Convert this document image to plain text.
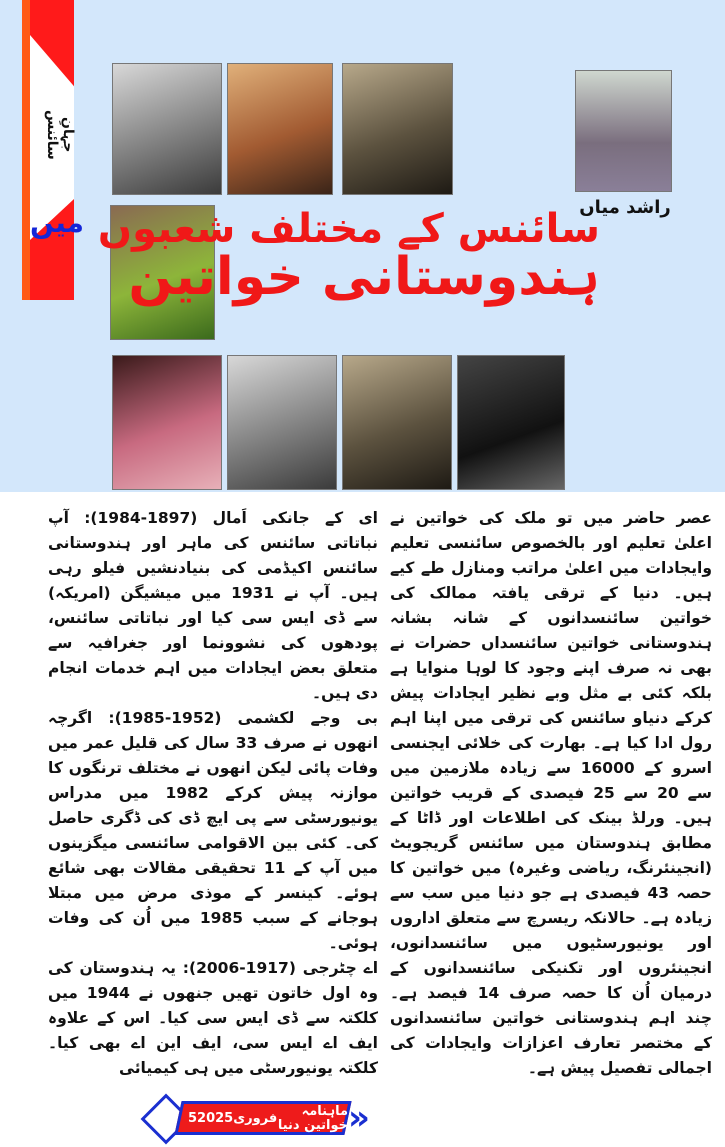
جہانِ سائنس
راشد میاں
سائنس کے مختلف شعبوں $^{میں}$
ہندوستانی خواتین

عصر حاضر میں تو ملک کی خواتین نے اعلیٰ تعلیم اور بالخصوص سائنسی تعلیم وایجادات میں اعلیٰ مراتب ومنازل طے کیے ہیں۔ دنیا کے ترقی یافتہ ممالک کی خواتین سائنسدانوں کے شانہ بشانہ ہندوستانی خواتین سائنسداں حضرات نے بھی نہ صرف اپنے وجود کا لوہا منوایا ہے بلکہ کئی بے مثل وبے نظیر ایجادات پیش کرکے دنیاو سائنس کی ترقی میں اپنا اہم رول ادا کیا ہے۔ بھارت کی خلائی ایجنسی اسرو کے 16000 سے زیادہ ملازمین میں سے 20 سے 25 فیصدی کے قریب خواتین ہیں۔ ورلڈ بینک کی اطلاعات اور ڈاٹا کے مطابق ہندوستان میں سائنس گریجویٹ (انجینئرنگ، ریاضی وغیرہ) میں خواتین کا حصہ 43 فیصدی ہے جو دنیا میں سب سے زیادہ ہے۔ حالانکہ ریسرچ سے متعلق اداروں اور یونیورسٹیوں میں سائنسدانوں، انجینئروں اور تکنیکی سائنسدانوں کے درمیان اُن کا حصہ صرف 14 فیصد ہے۔ چند اہم ہندوستانی خواتین سائنسدانوں کے مختصر تعارف اعزازات وایجادات کی اجمالی تفصیل پیش ہے۔

ای کے جانکی اَمال (1897-1984): آپ نباتاتی سائنس کی ماہر اور ہندوستانی سائنس اکیڈمی کی بنیادنشیں فیلو رہی ہیں۔ آپ نے 1931 میں میشیگن (امریکہ) سے ڈی ایس سی کیا اور نباتاتی سائنس، پودھوں کی نشوونما اور جغرافیہ سے متعلق بعض ایجادات میں اہم خدمات انجام دی ہیں۔

بی وجے لکشمی (1952-1985): اگرچہ انھوں نے صرف 33 سال کی قلیل عمر میں وفات پائی لیکن انھوں نے مختلف ترنگوں کا موازنہ پیش کرکے 1982 میں مدراس یونیورسٹی سے پی ایچ ڈی کی ڈگری حاصل کی۔ کئی بین الاقوامی سائنسی میگزینوں میں آپ کے 11 تحقیقی مقالات بھی شائع ہوئے۔ کینسر کے موذی مرض میں مبتلا ہوجانے کے سبب 1985 میں اُن کی وفات ہوئی۔

اے چٹرجی (1917-2006): یہ ہندوستان کی وہ اول خاتون تھیں جنھوں نے 1944 میں کلکتہ سے ڈی ایس سی کیا۔ اس کے علاوہ ایف اے ایس سی، ایف این اے بھی کیا۔ کلکتہ یونیورسٹی میں ہی کیمیائی

ماہنامہ خواتین دنیا
فروری
2025
5	»
